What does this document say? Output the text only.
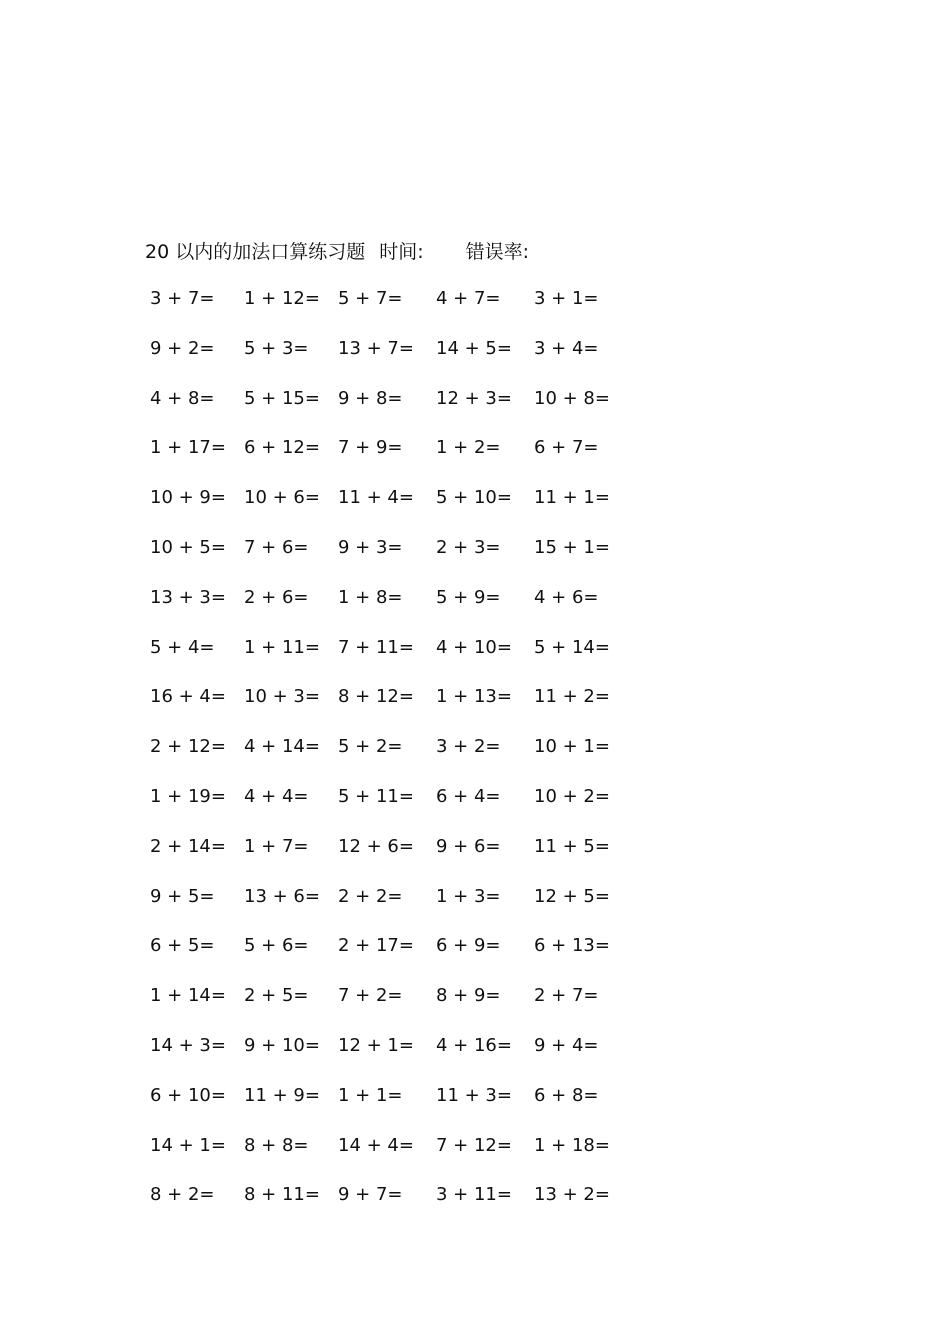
20 以内的加法口算练习题 时间: 错误率:
3 + 7= 1 + 12= 5 + 7= 4 + 7= 3 + 1=
9 + 2= 5 + 3= 13 + 7= 14 + 5= 3 + 4=
4 + 8= 5 + 15= 9 + 8= 12 + 3= 10 + 8=
1 + 17= 6 + 12= 7 + 9= 1 + 2= 6 + 7=
10 + 9= 10 + 6= 11 + 4= 5 + 10= 11 + 1=
10 + 5= 7 + 6= 9 + 3= 2 + 3= 15 + 1=
13 + 3= 2 + 6= 1 + 8= 5 + 9= 4 + 6=
5 + 4= 1 + 11= 7 + 11= 4 + 10= 5 + 14=
16 + 4= 10 + 3= 8 + 12= 1 + 13= 11 + 2=
2 + 12= 4 + 14= 5 + 2= 3 + 2= 10 + 1=
1 + 19= 4 + 4= 5 + 11= 6 + 4= 10 + 2=
2 + 14= 1 + 7= 12 + 6= 9 + 6= 11 + 5=
9 + 5= 13 + 6= 2 + 2= 1 + 3= 12 + 5=
6 + 5= 5 + 6= 2 + 17= 6 + 9= 6 + 13=
1 + 14= 2 + 5= 7 + 2= 8 + 9= 2 + 7=
14 + 3= 9 + 10= 12 + 1= 4 + 16= 9 + 4=
6 + 10= 11 + 9= 1 + 1= 11 + 3= 6 + 8=
14 + 1= 8 + 8= 14 + 4= 7 + 12= 1 + 18=
8 + 2= 8 + 11= 9 + 7= 3 + 11= 13 + 2=
